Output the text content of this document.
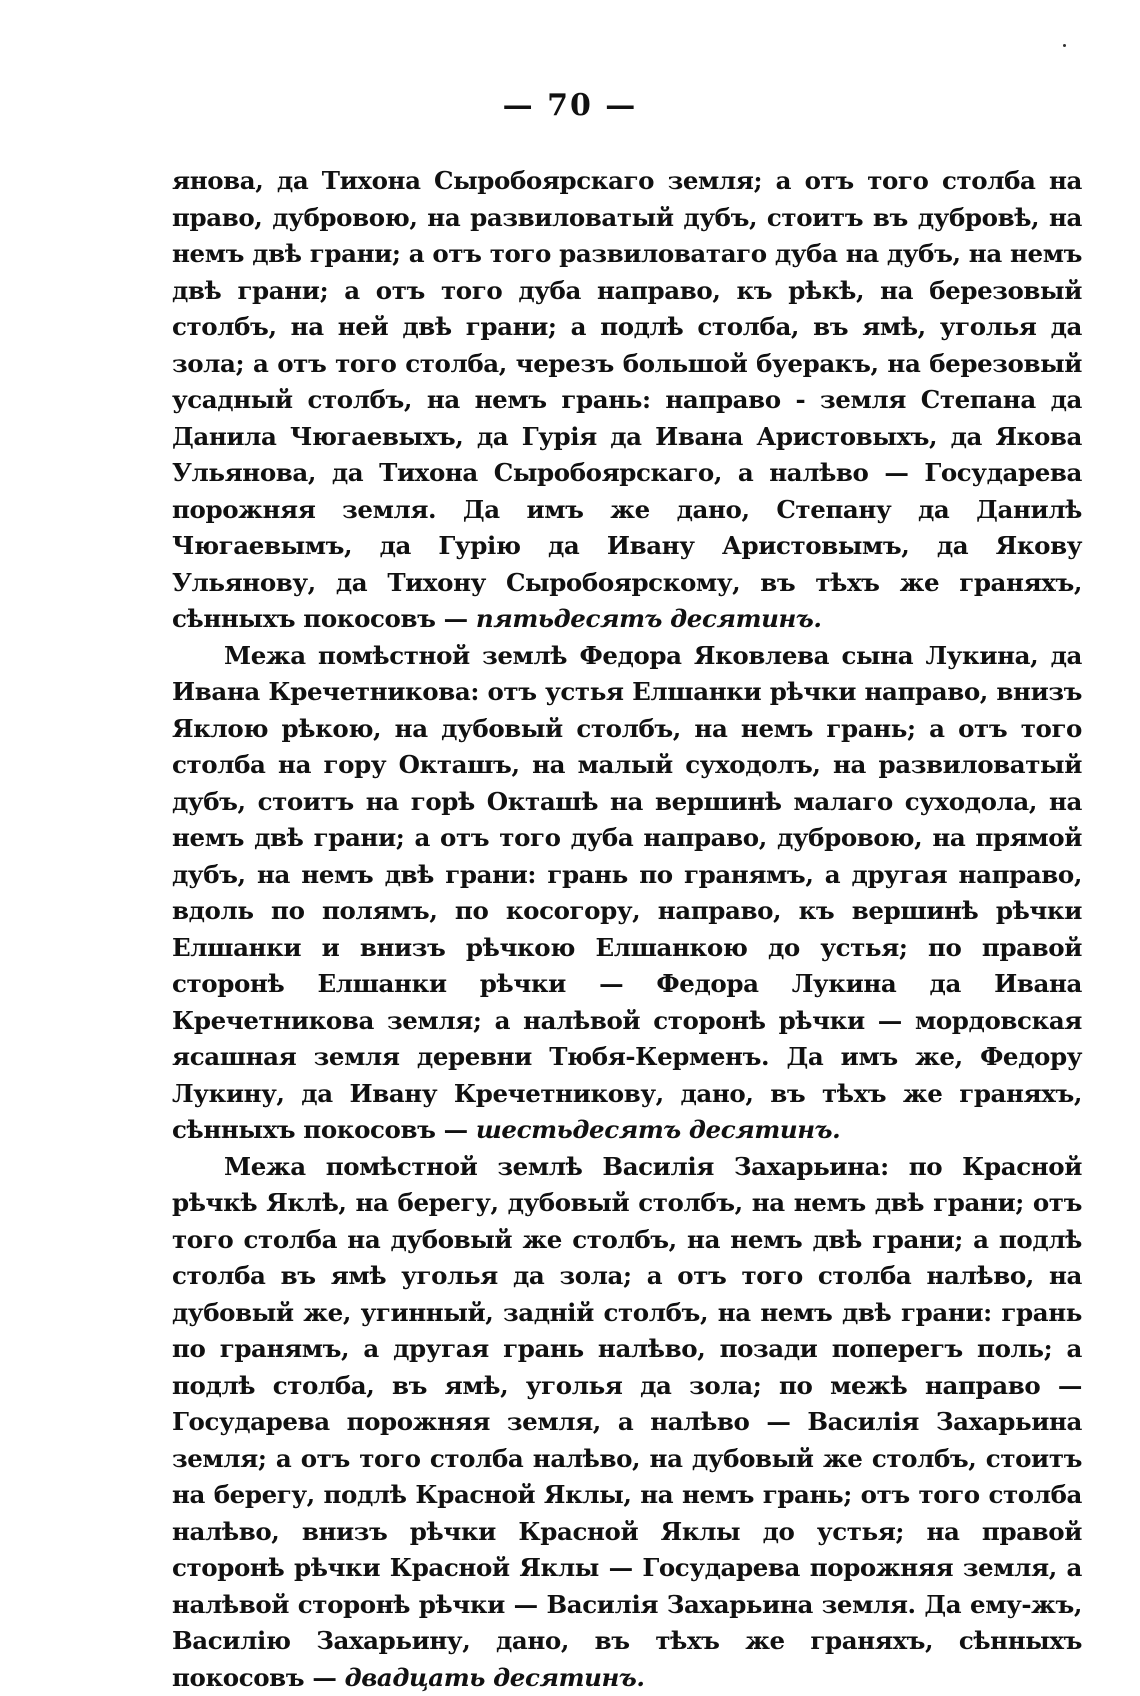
— 70 —

янова, да Тихона Сыробоярскаго земля; а отъ того столба на право, дубровою, на развиловатый дубъ, стоитъ въ дубровѣ, на немъ двѣ грани; а отъ того развиловатаго дуба на дубъ, на немъ двѣ грани; а отъ того дуба направо, къ рѣкѣ, на березовый столбъ, на ней двѣ грани; а подлѣ столба, въ ямѣ, уголья да зола; а отъ того столба, черезъ большой буеракъ, на березовый усадный столбъ, на немъ грань: направо - земля Степана да Данила Чюгаевыхъ, да Гурія да Ивана Аристовыхъ, да Якова Ульянова, да Тихона Сыробоярскаго, а налѣво — Государева порожняя земля. Да имъ же дано, Степану да Данилѣ Чюгаевымъ, да Гурію да Ивану Аристовымъ, да Якову Ульянову, да Тихону Сыробоярскому, въ тѣхъ же граняхъ, сѣнныхъ покосовъ — пятьдесятъ десятинъ.

Межа помѣстной землѣ Федора Яковлева сына Лукина, да Ивана Кречетникова: отъ устья Елшанки рѣчки направо, внизъ Яклою рѣкою, на дубовый столбъ, на немъ грань; а отъ того столба на гору Окташъ, на малый суходолъ, на развиловатый дубъ, стоитъ на горѣ Окташѣ на вершинѣ малаго суходола, на немъ двѣ грани; а отъ того дуба направо, дубровою, на прямой дубъ, на немъ двѣ грани: грань по гранямъ, а другая направо, вдоль по полямъ, по косогору, направо, къ вершинѣ рѣчки Елшанки и внизъ рѣчкою Елшанкою до устья; по правой сторонѣ Елшанки рѣчки — Федора Лукина да Ивана Кречетникова земля; а налѣвой сторонѣ рѣчки — мордовская ясашная земля деревни Тюбя-Керменъ. Да имъ же, Федору Лукину, да Ивану Кречетникову, дано, въ тѣхъ же граняхъ, сѣнныхъ покосовъ — шестьдесятъ десятинъ.

Межа помѣстной землѣ Василія Захарьина: по Красной рѣчкѣ Яклѣ, на берегу, дубовый столбъ, на немъ двѣ грани; отъ того столба на дубовый же столбъ, на немъ двѣ грани; а подлѣ столба въ ямѣ уголья да зола; а отъ того столба налѣво, на дубовый же, угинный, задній столбъ, на немъ двѣ грани: грань по гранямъ, а другая грань налѣво, позади поперегъ поль; а подлѣ столба, въ ямѣ, уголья да зола; по межѣ направо — Государева порожняя земля, а налѣво — Василія Захарьина земля; а отъ того столба налѣво, на дубовый же столбъ, стоитъ на берегу, подлѣ Красной Яклы, на немъ грань; отъ того столба налѣво, внизъ рѣчки Красной Яклы до устья; на правой сторонѣ рѣчки Красной Яклы — Государева порожняя земля, а налѣвой сторонѣ рѣчки — Василія Захарьина земля. Да ему-жъ, Василію Захарьину, дано, въ тѣхъ же граняхъ, сѣнныхъ покосовъ — двадцать десятинъ.
